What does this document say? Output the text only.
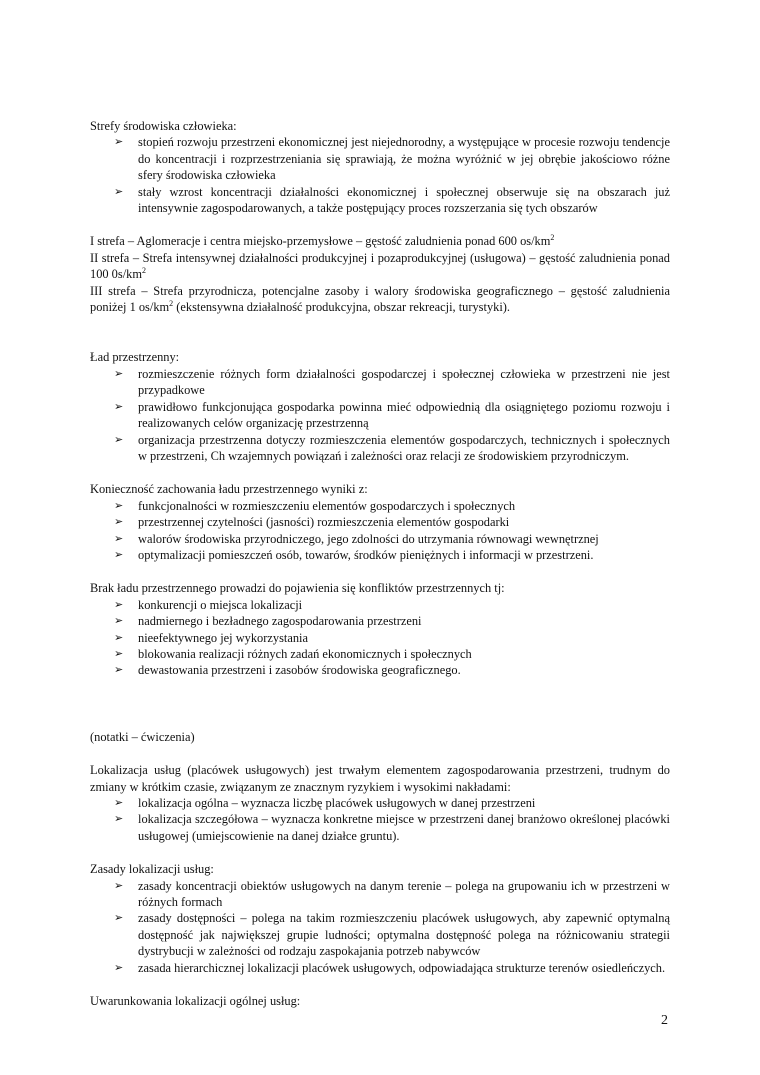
Strefy środowiska człowieka:

➢ stopień rozwoju przestrzeni ekonomicznej jest niejednorodny, a występujące w procesie rozwoju tendencje do koncentracji i rozprzestrzeniania się sprawiają, że można wyróżnić w jej obrębie jakościowo różne sfery środowiska człowieka
➢ stały wzrost koncentracji działalności ekonomicznej i społecznej obserwuje się na obszarach już intensywnie zagospodarowanych, a także postępujący proces rozszerzania się tych obszarów

I strefa – Aglomeracje i centra miejsko-przemysłowe – gęstość zaludnienia ponad 600 $os/km^2$

II strefa – Strefa intensywnej działalności produkcyjnej i pozaprodukcyjnej (usługowa) – gęstość zaludnienia ponad 100 $0s/km^2$

III strefa – Strefa przyrodnicza, potencjalne zasoby i walory środowiska geograficznego – gęstość zaludnienia poniżej 1 $os/km^2$ (ekstensywna działalność produkcyjna, obszar rekreacji, turystyki).

Ład przestrzenny:

➢ rozmieszczenie różnych form działalności gospodarczej i społecznej człowieka w przestrzeni nie jest przypadkowe
➢ prawidłowo funkcjonująca gospodarka powinna mieć odpowiednią dla osiągniętego poziomu rozwoju i realizowanych celów organizację przestrzenną
➢ organizacja przestrzenna dotyczy rozmieszczenia elementów gospodarczych, technicznych i społecznych w przestrzeni, Ch wzajemnych powiązań i zależności oraz relacji ze środowiskiem przyrodniczym.

Konieczność zachowania ładu przestrzennego wyniki z:

➢ funkcjonalności w rozmieszczeniu elementów gospodarczych i społecznych
➢ przestrzennej czytelności (jasności) rozmieszczenia elementów gospodarki
➢ walorów środowiska przyrodniczego, jego zdolności do utrzymania równowagi wewnętrznej
➢ optymalizacji pomieszczeń osób, towarów, środków pieniężnych i informacji w przestrzeni.

Brak ładu przestrzennego prowadzi do pojawienia się konfliktów przestrzennych tj:

➢ konkurencji o miejsca lokalizacji
➢ nadmiernego i bezładnego zagospodarowania przestrzeni
➢ nieefektywnego jej wykorzystania
➢ blokowania realizacji różnych zadań ekonomicznych i społecznych
➢ dewastowania przestrzeni i zasobów środowiska geograficznego.

(notatki – ćwiczenia)

Lokalizacja usług (placówek usługowych) jest trwałym elementem zagospodarowania przestrzeni, trudnym do zmiany w krótkim czasie, związanym ze znacznym ryzykiem i wysokimi nakładami:

➢ lokalizacja ogólna – wyznacza liczbę placówek usługowych w danej przestrzeni
➢ lokalizacja szczegółowa – wyznacza konkretne miejsce w przestrzeni danej branżowo określonej placówki usługowej (umiejscowienie na danej działce gruntu).

Zasady lokalizacji usług:

➢ zasady koncentracji obiektów usługowych na danym terenie – polega na grupowaniu ich w przestrzeni w różnych formach
➢ zasady dostępności – polega na takim rozmieszczeniu placówek usługowych, aby zapewnić optymalną dostępność jak największej grupie ludności; optymalna dostępność polega na różnicowaniu strategii dystrybucji w zależności od rodzaju zaspokajania potrzeb nabywców
➢ zasada hierarchicznej lokalizacji placówek usługowych, odpowiadająca strukturze terenów osiedleńczych.

Uwarunkowania lokalizacji ogólnej usług:

2
